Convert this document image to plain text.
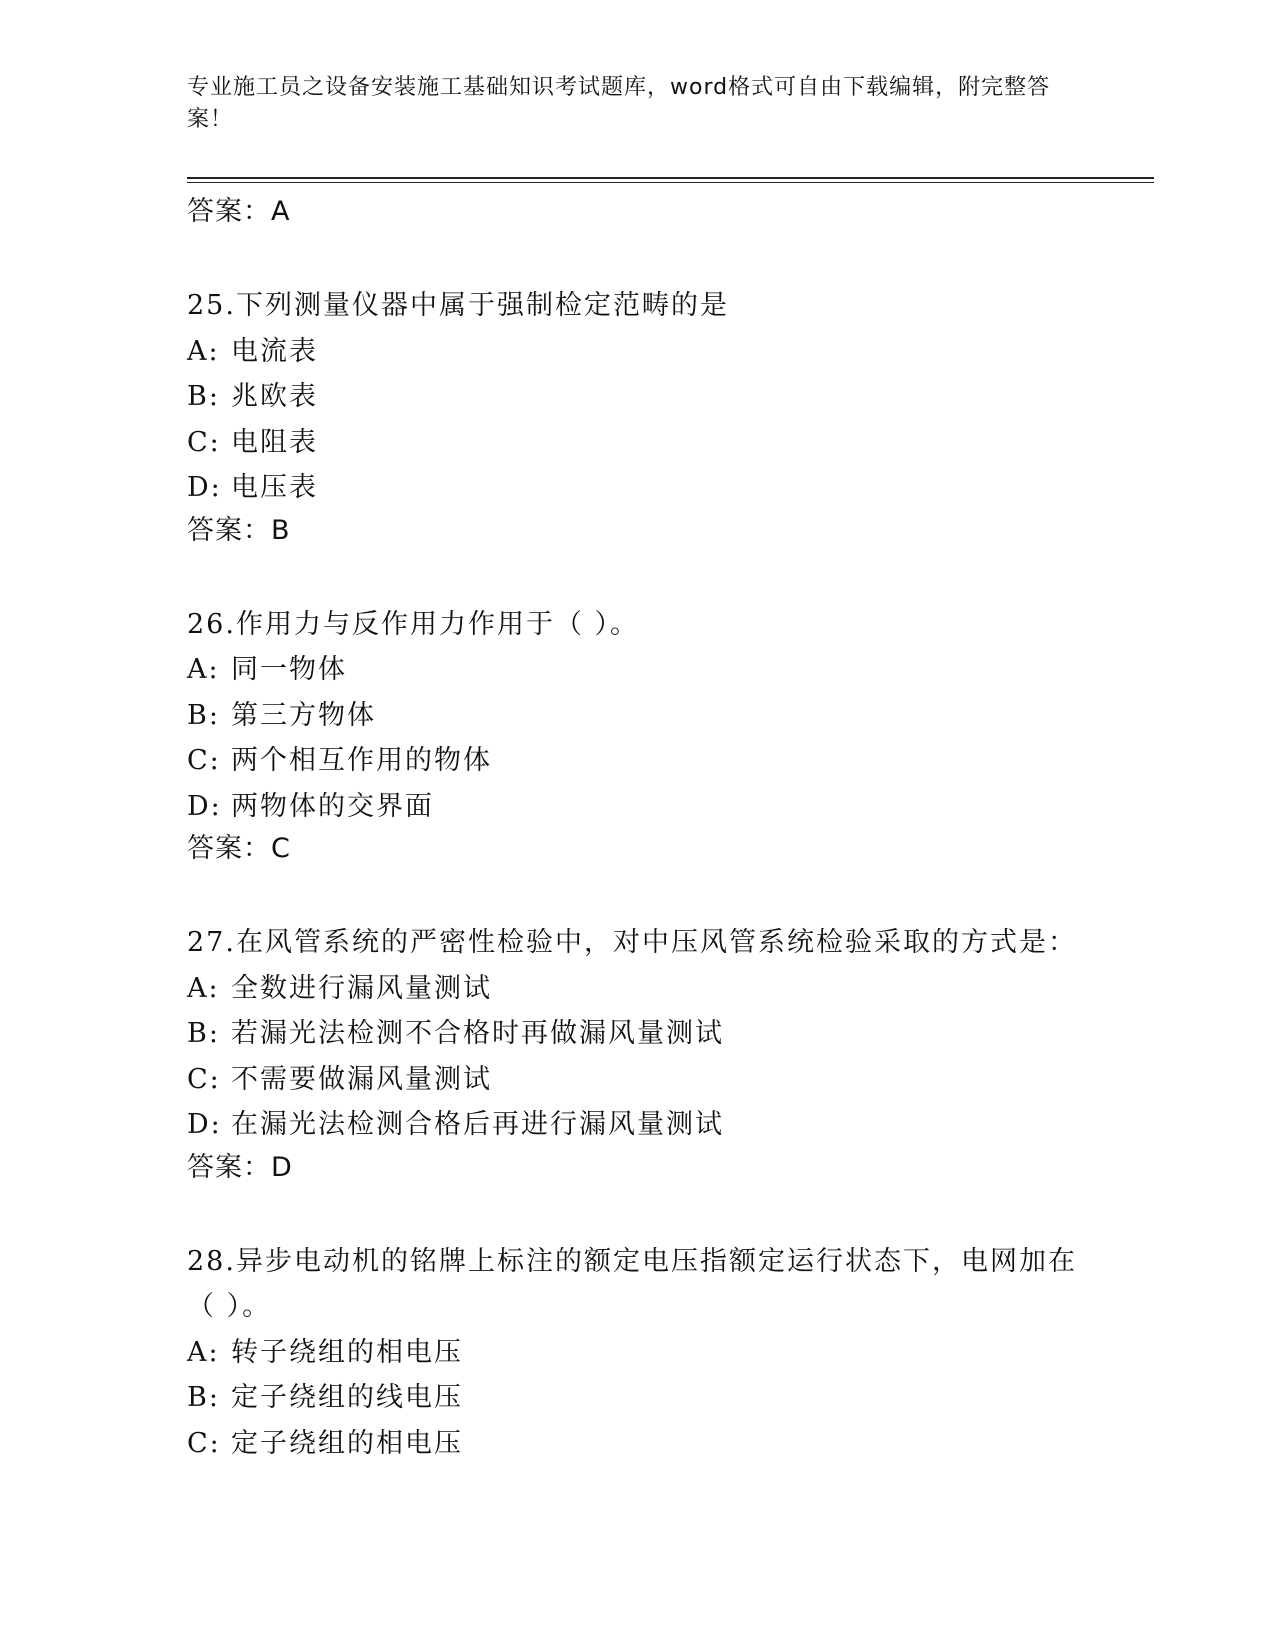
专业施工员之设备安装施工基础知识考试题库，word格式可自由下载编辑，附完整答案！
答案：A
25.下列测量仪器中属于强制检定范畴的是
A: 电流表
B: 兆欧表
C: 电阻表
D: 电压表
答案：B
26.作用力与反作用力作用于（ ）。
A: 同一物体
B: 第三方物体
C: 两个相互作用的物体
D: 两物体的交界面
答案：C
27.在风管系统的严密性检验中，对中压风管系统检验采取的方式是：
A: 全数进行漏风量测试
B: 若漏光法检测不合格时再做漏风量测试
C: 不需要做漏风量测试
D: 在漏光法检测合格后再进行漏风量测试
答案：D
28.异步电动机的铭牌上标注的额定电压指额定运行状态下，电网加在（ ）。
A: 转子绕组的相电压
B: 定子绕组的线电压
C: 定子绕组的相电压
